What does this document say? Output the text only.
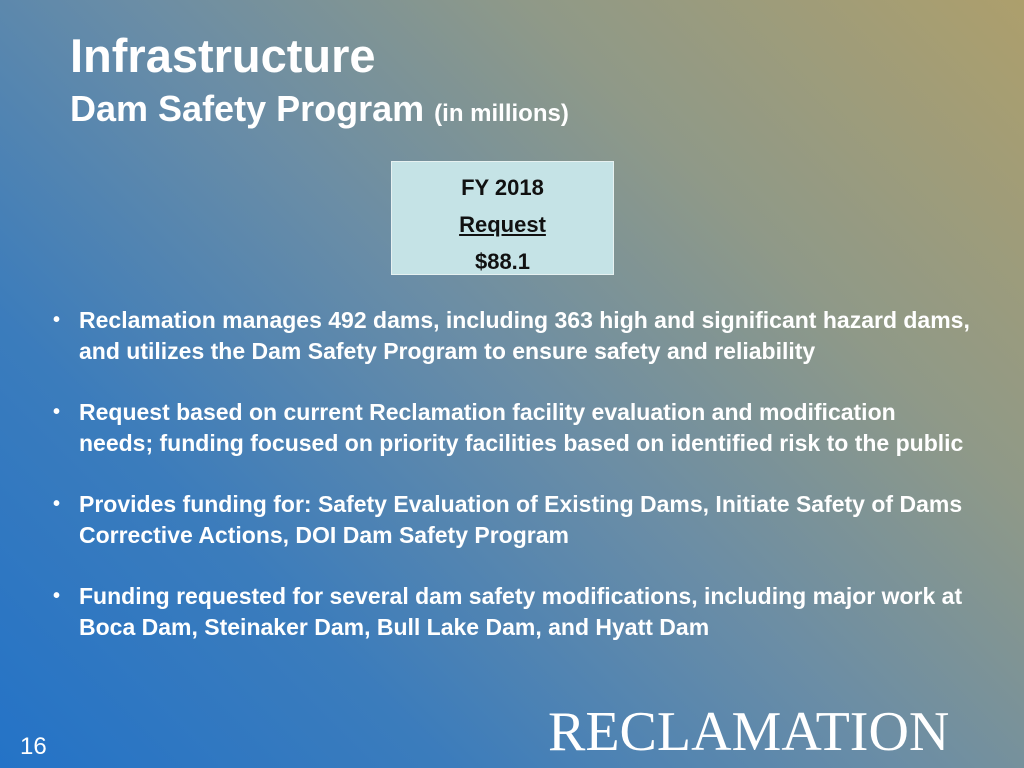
Infrastructure
Dam Safety Program (in millions)
FY 2018
Request
$88.1
• Reclamation manages 492 dams, including 363 high and significant hazard dams, and utilizes the Dam Safety Program to ensure safety and reliability
• Request based on current Reclamation facility evaluation and modification needs; funding focused on priority facilities based on identified risk to the public
• Provides funding for: Safety Evaluation of Existing Dams, Initiate Safety of Dams Corrective Actions, DOI Dam Safety Program
• Funding requested for several dam safety modifications, including major work at Boca Dam, Steinaker Dam, Bull Lake Dam, and Hyatt Dam
16	RECLAMATION
